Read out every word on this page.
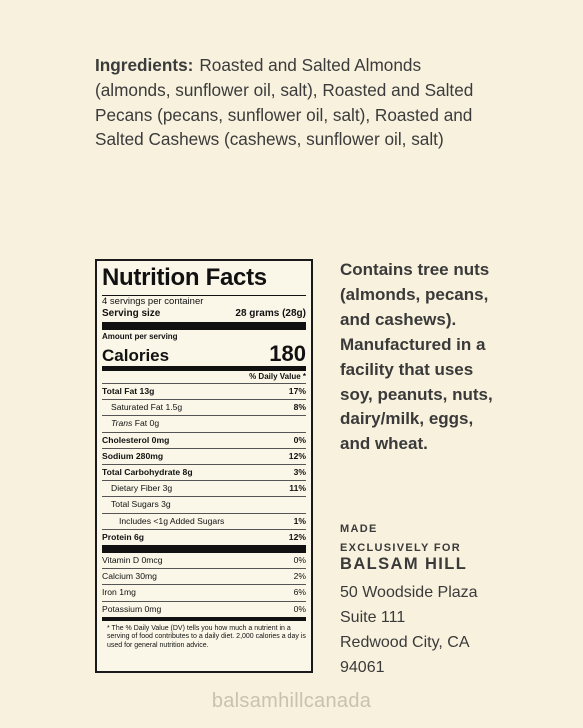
Ingredients: Roasted and Salted Almonds (almonds, sunflower oil, salt), Roasted and Salted Pecans (pecans, sunflower oil, salt), Roasted and Salted Cashews (cashews, sunflower oil, salt)
Nutrition Facts
4 servings per container
Serving size	28 grams (28g)
Amount per serving
Calories	180
% Daily Value *
Total Fat 13g	17%
Saturated Fat 1.5g	8%
Trans Fat 0g
Cholesterol 0mg	0%
Sodium 280mg	12%
Total Carbohydrate 8g	3%
Dietary Fiber 3g	11%
Total Sugars 3g
Includes <1g Added Sugars	1%
Protein 6g	12%
Vitamin D 0mcg	0%
Calcium 30mg	2%
Iron 1mg	6%
Potassium 0mg	0%
* The % Daily Value (DV) tells you how much a nutrient in a serving of food contributes to a daily diet. 2,000 calories a day is used for general nutrition advice.
Contains tree nuts (almonds, pecans, and cashews). Manufactured in a facility that uses soy, peanuts, nuts, dairy/milk, eggs, and wheat.
MADE
EXCLUSIVELY FOR
BALSAM HILL
50 Woodside Plaza
Suite 111
Redwood City, CA
94061
balsamhillcanada
